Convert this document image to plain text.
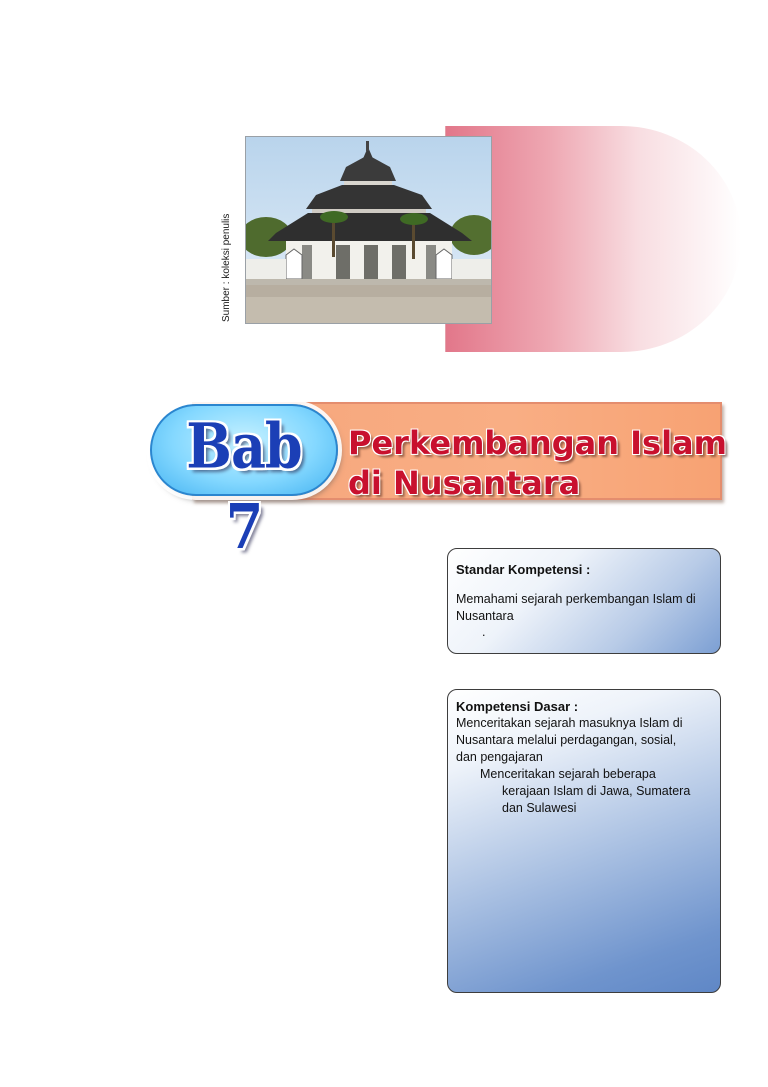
Sumber : koleksi penulis
Bab 7
Perkembangan Islam
di Nusantara
Standar Kompetensi :
Memahami sejarah perkembangan Islam di
Nusantara
.
Kompetensi Dasar :
Menceritakan sejarah masuknya Islam di
Nusantara melalui perdagangan, sosial,
dan pengajaran
Menceritakan sejarah beberapa
kerajaan Islam di Jawa, Sumatera
dan Sulawesi
